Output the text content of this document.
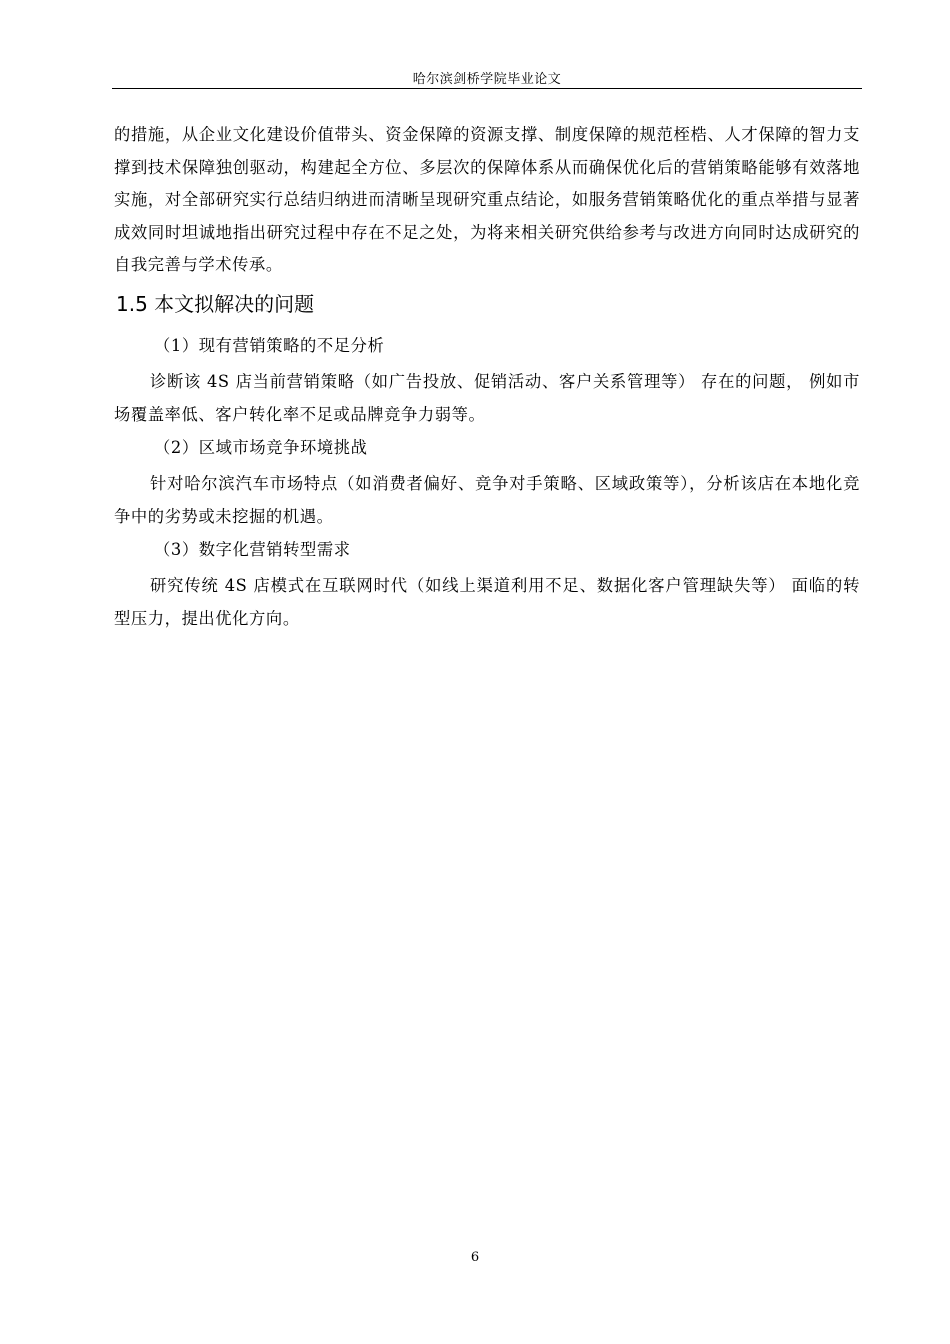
哈尔滨剑桥学院毕业论文
的措施，从企业文化建设价值带头、资金保障的资源支撑、制度保障的规范桎梏、人才保障的智力支撑到技术保障独创驱动，构建起全方位、多层次的保障体系从而确保优化后的营销策略能够有效落地实施，对全部研究实行总结归纳进而清晰呈现研究重点结论，如服务营销策略优化的重点举措与显著成效同时坦诚地指出研究过程中存在不足之处，为将来相关研究供给参考与改进方向同时达成研究的自我完善与学术传承。
1.5 本文拟解决的问题
（1）现有营销策略的不足分析
诊断该 4S 店当前营销策略（如广告投放、促销活动、客户关系管理等） 存在的问题， 例如市场覆盖率低、客户转化率不足或品牌竞争力弱等。
（2）区域市场竞争环境挑战
针对哈尔滨汽车市场特点（如消费者偏好、竞争对手策略、区域政策等），分析该店在本地化竞争中的劣势或未挖掘的机遇。
（3）数字化营销转型需求
研究传统 4S 店模式在互联网时代（如线上渠道利用不足、数据化客户管理缺失等） 面临的转型压力，提出优化方向。
6
